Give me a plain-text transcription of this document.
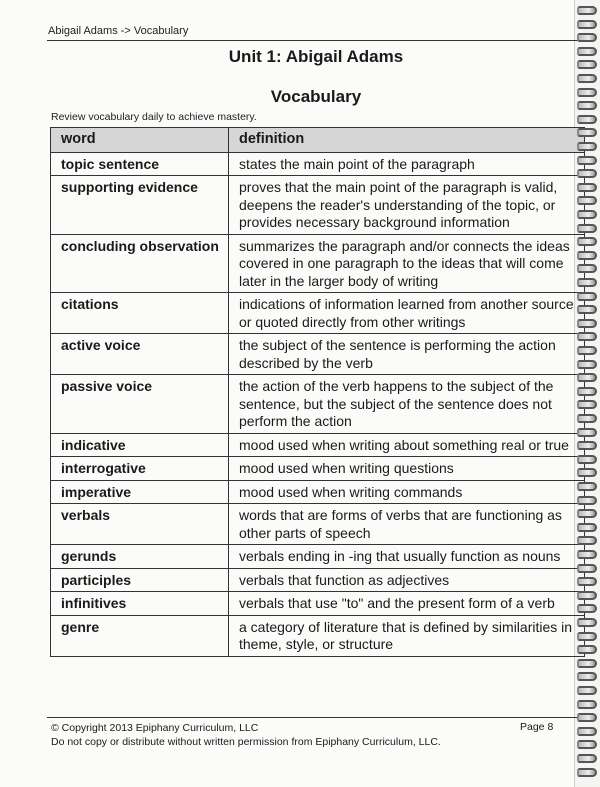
Abigail Adams -> Vocabulary
Unit 1: Abigail Adams
Vocabulary
Review vocabulary daily to achieve mastery.
word	definition
topic sentence	states the main point of the paragraph
supporting evidence	proves that the main point of the paragraph is valid, deepens the reader's understanding of the topic, or provides necessary background information
concluding observation	summarizes the paragraph and/or connects the ideas covered in one paragraph to the ideas that will come later in the larger body of writing
citations	indications of information learned from another source or quoted directly from other writings
active voice	the subject of the sentence is performing the action described by the verb
passive voice	the action of the verb happens to the subject of the sentence, but the subject of the sentence does not perform the action
indicative	mood used when writing about something real or true
interrogative	mood used when writing questions
imperative	mood used when writing commands
verbals	words that are forms of verbs that are functioning as other parts of speech
gerunds	verbals ending in -ing that usually function as nouns
participles	verbals that function as adjectives
infinitives	verbals that use "to" and the present form of a verb
genre	a category of literature that is defined by similarities in theme, style, or structure
© Copyright 2013 Epiphany Curriculum, LLC
Do not copy or distribute without written permission from Epiphany Curriculum, LLC.
Page 8
